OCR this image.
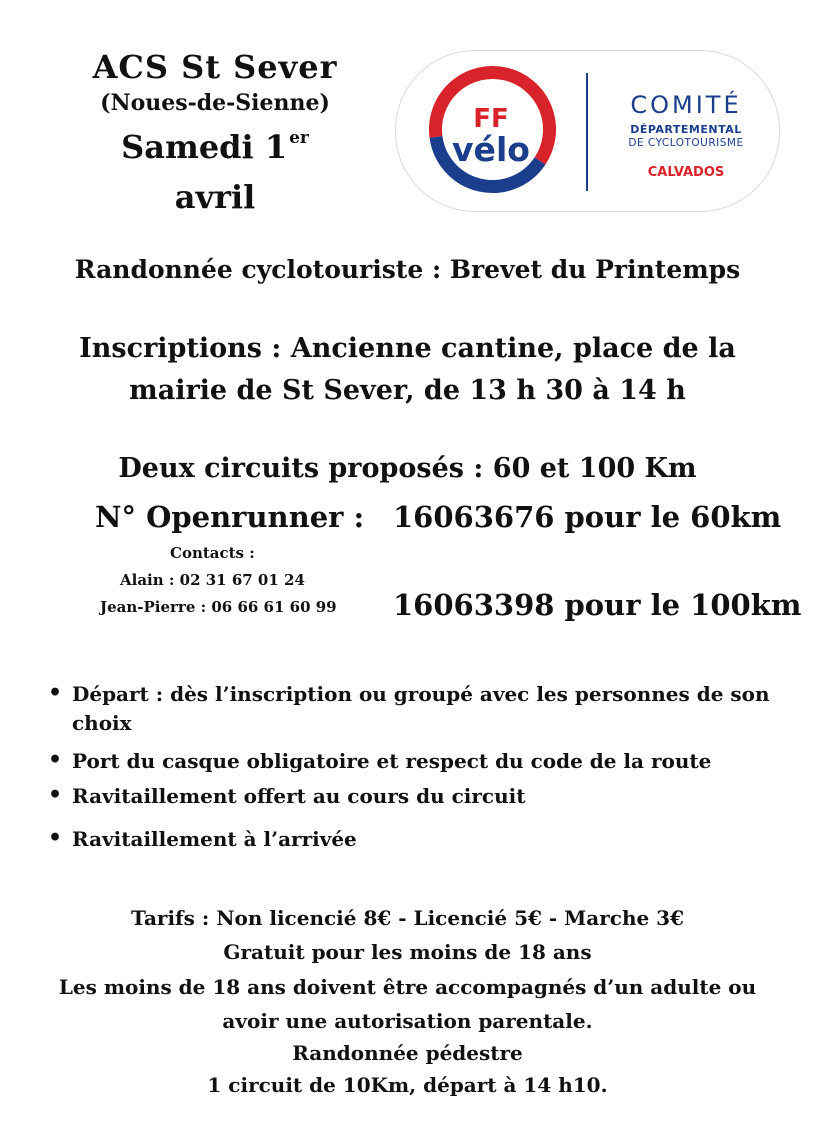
ACS St Sever
(Noues-de-Sienne)
Samedi 1 $^{er}$
avril
FF
vélo
COMITÉ
DÉPARTEMENTAL
DE CYCLOTOURISME
CALVADOS
Randonnée cyclotouriste : Brevet du Printemps
Inscriptions : Ancienne cantine, place de la
mairie de St Sever, de 13 h 30 à 14 h
Deux circuits proposés : 60 et 100 Km
N° Openrunner : 16063676 pour le 60km
16063398 pour le 100km
Contacts :
Alain : 02 31 67 01 24
Jean-Pierre : 06 66 61 60 99
• Départ : dès l’inscription ou groupé avec les personnes de son choix
• Port du casque obligatoire et respect du code de la route
• Ravitaillement offert au cours du circuit
• Ravitaillement à l’arrivée
Tarifs : Non licencié 8€ - Licencié 5€ - Marche 3€
Gratuit pour les moins de 18 ans
Les moins de 18 ans doivent être accompagnés d’un adulte ou
avoir une autorisation parentale.
Randonnée pédestre
1 circuit de 10Km, départ à 14 h10.
